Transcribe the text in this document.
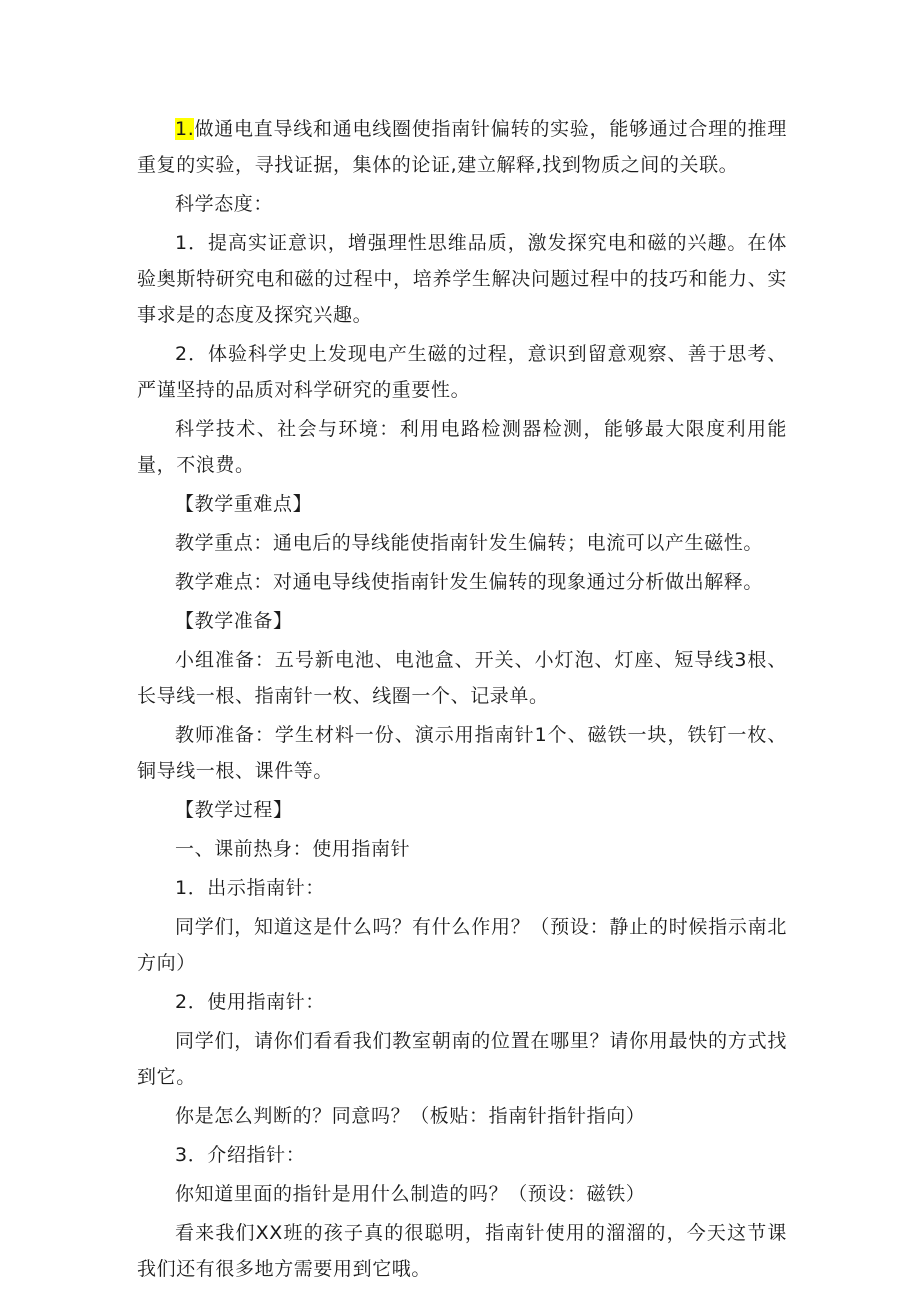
1.做通电直导线和通电线圈使指南针偏转的实验，能够通过合理的推理重复的实验，寻找证据，集体的论证,建立解释,找到物质之间的关联。

科学态度：

1．提高实证意识，增强理性思维品质，激发探究电和磁的兴趣。在体验奥斯特研究电和磁的过程中，培养学生解决问题过程中的技巧和能力、实事求是的态度及探究兴趣。

2．体验科学史上发现电产生磁的过程，意识到留意观察、善于思考、严谨坚持的品质对科学研究的重要性。

科学技术、社会与环境：利用电路检测器检测，能够最大限度利用能量，不浪费。

【教学重难点】

教学重点：通电后的导线能使指南针发生偏转；电流可以产生磁性。

教学难点：对通电导线使指南针发生偏转的现象通过分析做出解释。

【教学准备】

小组准备：五号新电池、电池盒、开关、小灯泡、灯座、短导线3根、长导线一根、指南针一枚、线圈一个、记录单。

教师准备：学生材料一份、演示用指南针1个、磁铁一块，铁钉一枚、铜导线一根、课件等。

【教学过程】

一、课前热身：使用指南针

1．出示指南针：

同学们，知道这是什么吗？有什么作用？（预设：静止的时候指示南北方向）

2．使用指南针：

同学们，请你们看看我们教室朝南的位置在哪里？请你用最快的方式找到它。

你是怎么判断的？同意吗？（板贴：指南针指针指向）

3．介绍指针：

你知道里面的指针是用什么制造的吗？（预设：磁铁）

看来我们XX班的孩子真的很聪明，指南针使用的溜溜的，今天这节课我们还有很多地方需要用到它哦。
